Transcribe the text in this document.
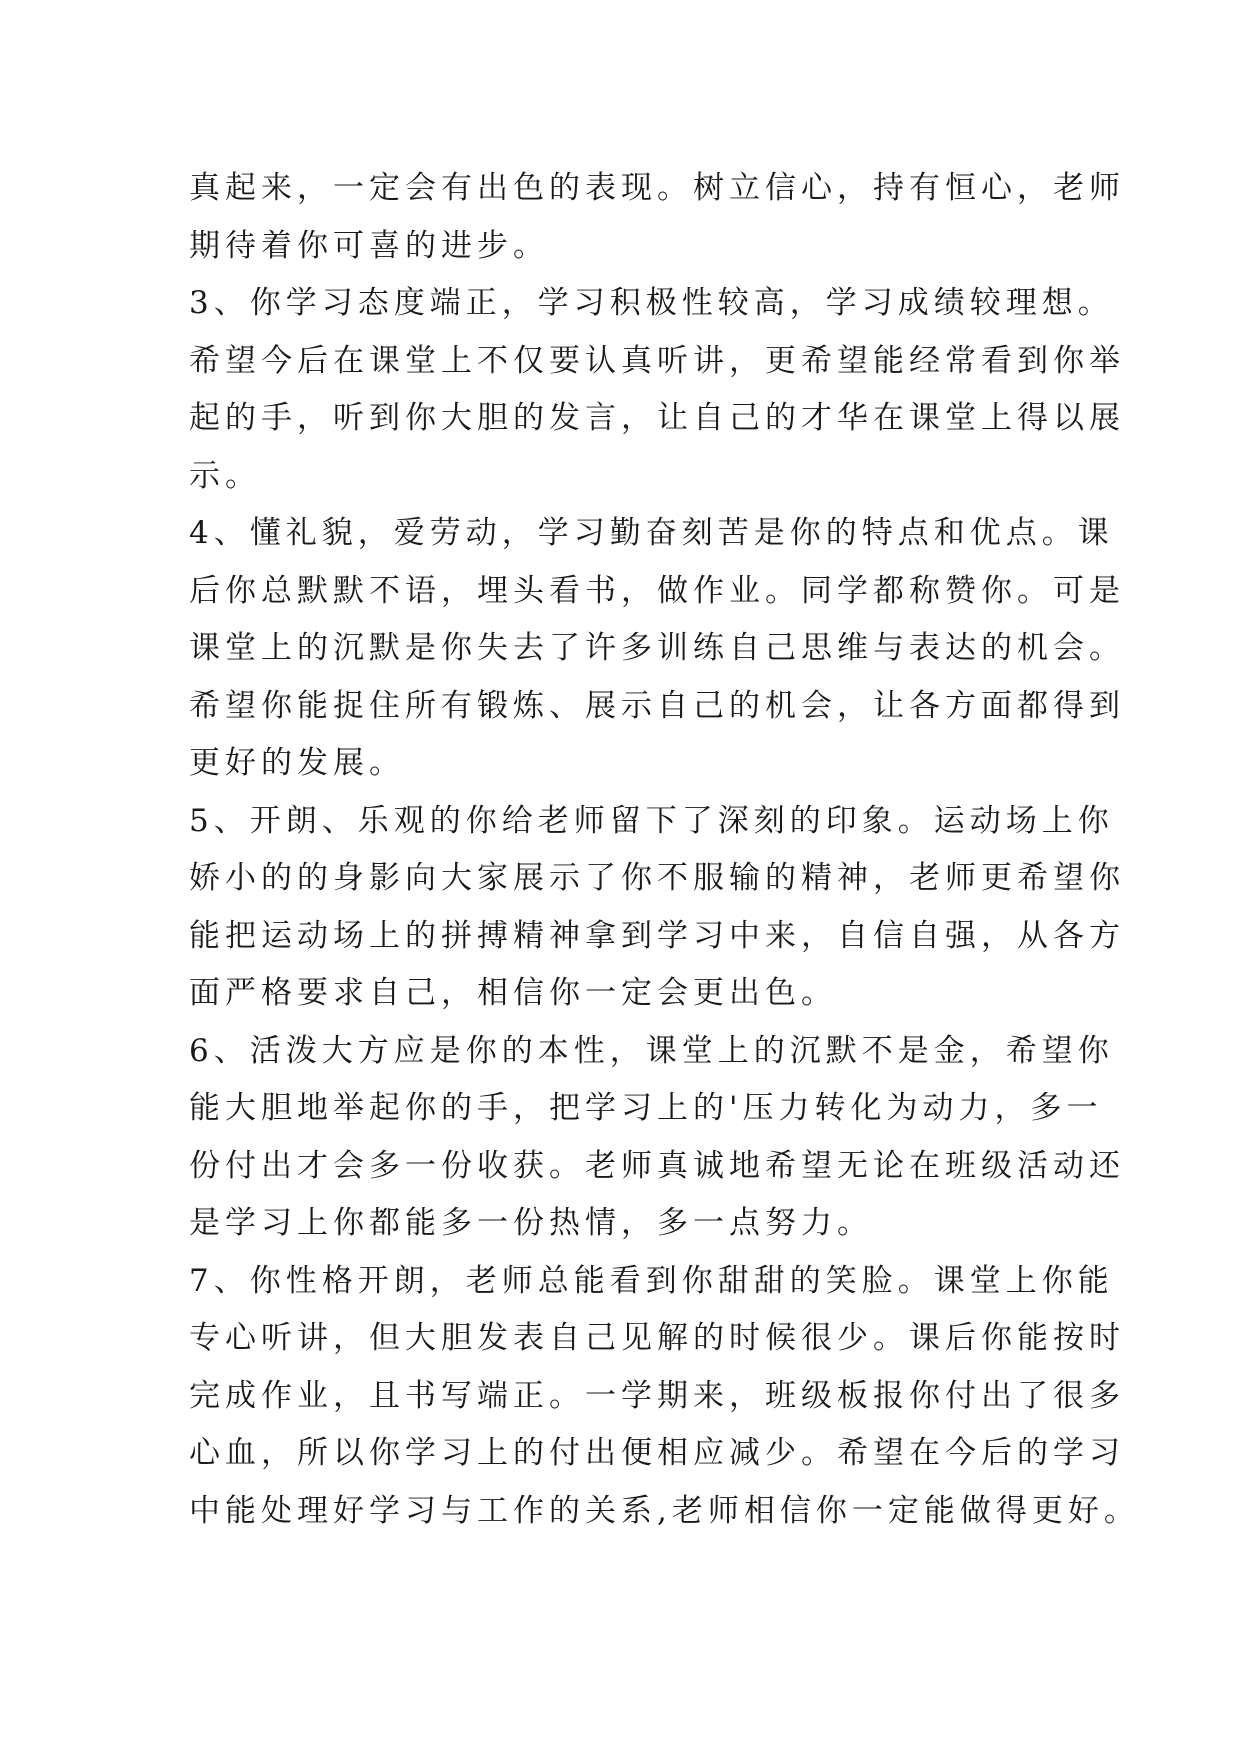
真起来，一定会有出色的表现。树立信心，持有恒心，老师
期待着你可喜的进步。
3、你学习态度端正，学习积极性较高，学习成绩较理想。
希望今后在课堂上不仅要认真听讲，更希望能经常看到你举
起的手，听到你大胆的发言，让自己的才华在课堂上得以展
示。
4、懂礼貌，爱劳动，学习勤奋刻苦是你的特点和优点。课
后你总默默不语，埋头看书，做作业。同学都称赞你。可是
课堂上的沉默是你失去了许多训练自己思维与表达的机会。
希望你能捉住所有锻炼、展示自己的机会，让各方面都得到
更好的发展。
5、开朗、乐观的你给老师留下了深刻的印象。运动场上你
娇小的的身影向大家展示了你不服输的精神，老师更希望你
能把运动场上的拼搏精神拿到学习中来，自信自强，从各方
面严格要求自己，相信你一定会更出色。
6、活泼大方应是你的本性，课堂上的沉默不是金，希望你
能大胆地举起你的手，把学习上的'压力转化为动力，多一
份付出才会多一份收获。老师真诚地希望无论在班级活动还
是学习上你都能多一份热情，多一点努力。
7、你性格开朗，老师总能看到你甜甜的笑脸。课堂上你能
专心听讲，但大胆发表自己见解的时候很少。课后你能按时
完成作业，且书写端正。一学期来，班级板报你付出了很多
心血，所以你学习上的付出便相应减少。希望在今后的学习
中能处理好学习与工作的关系,老师相信你一定能做得更好。
